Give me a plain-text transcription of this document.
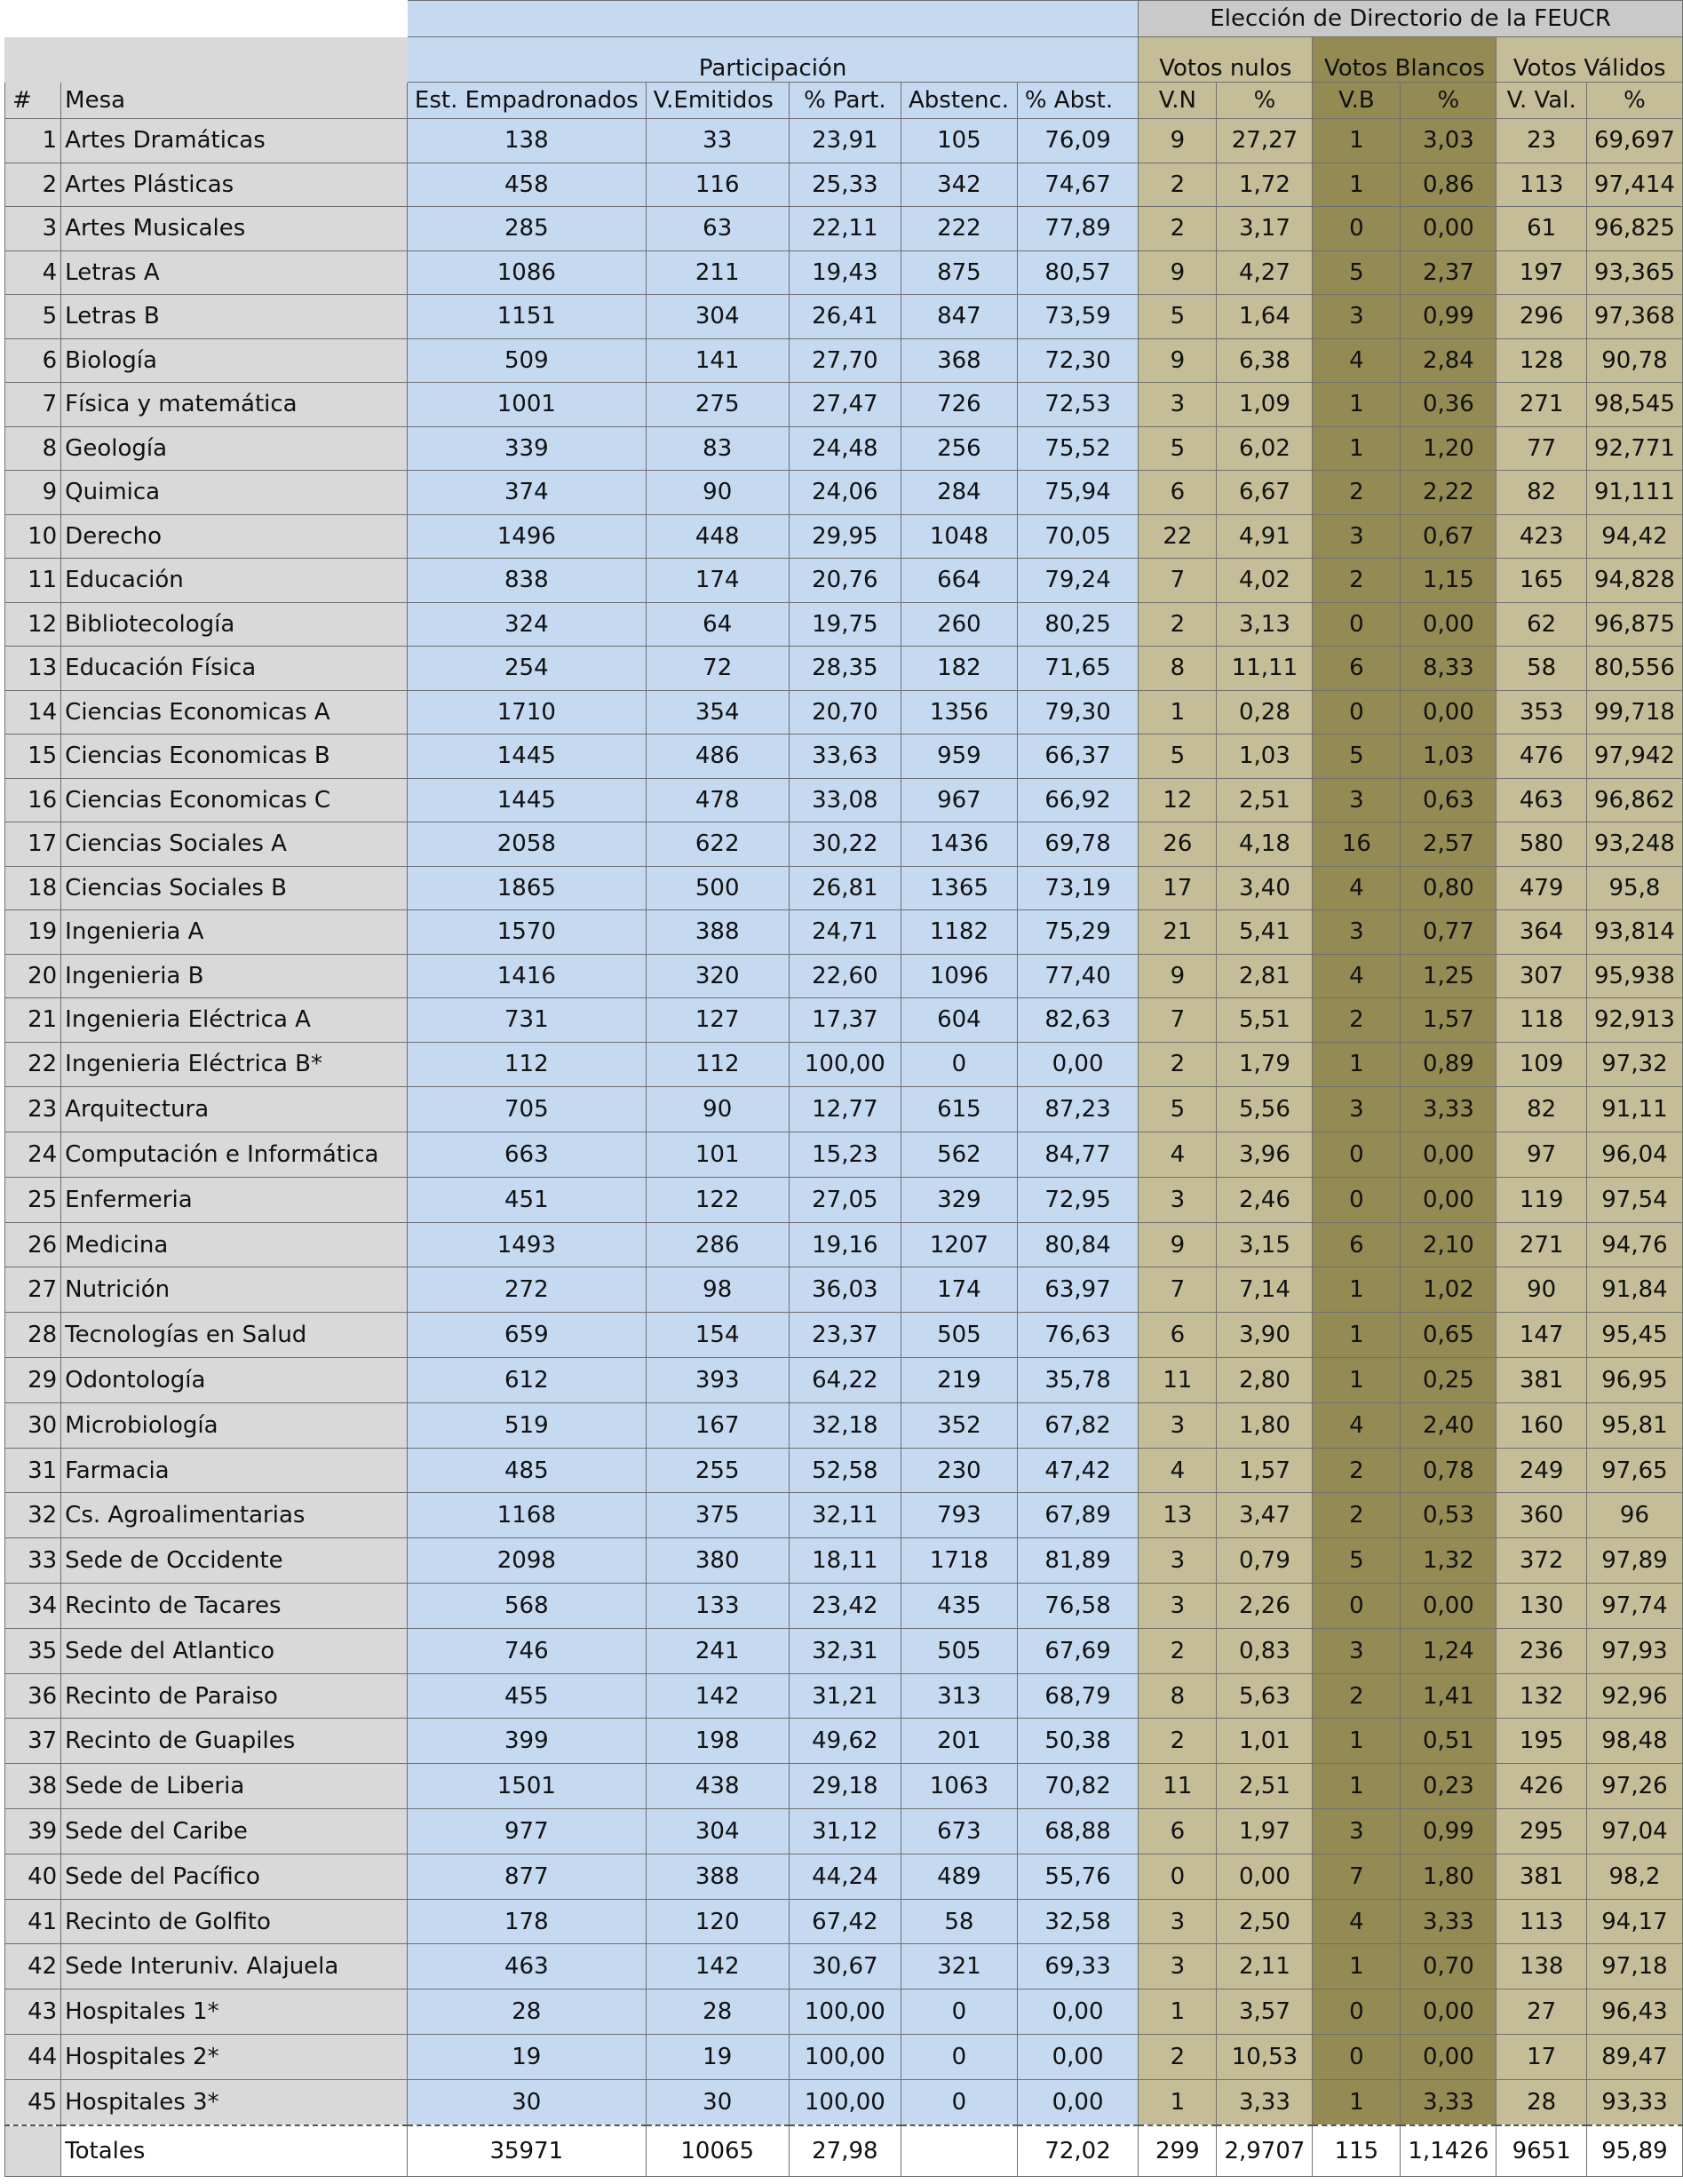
							Elección de Directorio de la FEUCR					
		Participación					Votos nulos		Votos Blancos		Votos Válidos	
#	Mesa	Est. Empadronados	V.Emitidos	% Part.	Abstenc.	% Abst.	V.N	%	V.B	%	V. Val.	%
1	Artes Dramáticas	138	33	23,91	105	76,09	9	27,27	1	3,03	23	69,697
2	Artes Plásticas	458	116	25,33	342	74,67	2	1,72	1	0,86	113	97,414
3	Artes Musicales	285	63	22,11	222	77,89	2	3,17	0	0,00	61	96,825
4	Letras A	1086	211	19,43	875	80,57	9	4,27	5	2,37	197	93,365
5	Letras B	1151	304	26,41	847	73,59	5	1,64	3	0,99	296	97,368
6	Biología	509	141	27,70	368	72,30	9	6,38	4	2,84	128	90,78
7	Física y matemática	1001	275	27,47	726	72,53	3	1,09	1	0,36	271	98,545
8	Geología	339	83	24,48	256	75,52	5	6,02	1	1,20	77	92,771
9	Quimica	374	90	24,06	284	75,94	6	6,67	2	2,22	82	91,111
10	Derecho	1496	448	29,95	1048	70,05	22	4,91	3	0,67	423	94,42
11	Educación	838	174	20,76	664	79,24	7	4,02	2	1,15	165	94,828
12	Bibliotecología	324	64	19,75	260	80,25	2	3,13	0	0,00	62	96,875
13	Educación Física	254	72	28,35	182	71,65	8	11,11	6	8,33	58	80,556
14	Ciencias Economicas A	1710	354	20,70	1356	79,30	1	0,28	0	0,00	353	99,718
15	Ciencias Economicas B	1445	486	33,63	959	66,37	5	1,03	5	1,03	476	97,942
16	Ciencias Economicas C	1445	478	33,08	967	66,92	12	2,51	3	0,63	463	96,862
17	Ciencias Sociales A	2058	622	30,22	1436	69,78	26	4,18	16	2,57	580	93,248
18	Ciencias Sociales B	1865	500	26,81	1365	73,19	17	3,40	4	0,80	479	95,8
19	Ingenieria A	1570	388	24,71	1182	75,29	21	5,41	3	0,77	364	93,814
20	Ingenieria B	1416	320	22,60	1096	77,40	9	2,81	4	1,25	307	95,938
21	Ingenieria Eléctrica A	731	127	17,37	604	82,63	7	5,51	2	1,57	118	92,913
22	Ingenieria Eléctrica B*	112	112	100,00	0	0,00	2	1,79	1	0,89	109	97,32
23	Arquitectura	705	90	12,77	615	87,23	5	5,56	3	3,33	82	91,11
24	Computación e Informática	663	101	15,23	562	84,77	4	3,96	0	0,00	97	96,04
25	Enfermeria	451	122	27,05	329	72,95	3	2,46	0	0,00	119	97,54
26	Medicina	1493	286	19,16	1207	80,84	9	3,15	6	2,10	271	94,76
27	Nutrición	272	98	36,03	174	63,97	7	7,14	1	1,02	90	91,84
28	Tecnologías en Salud	659	154	23,37	505	76,63	6	3,90	1	0,65	147	95,45
29	Odontología	612	393	64,22	219	35,78	11	2,80	1	0,25	381	96,95
30	Microbiología	519	167	32,18	352	67,82	3	1,80	4	2,40	160	95,81
31	Farmacia	485	255	52,58	230	47,42	4	1,57	2	0,78	249	97,65
32	Cs. Agroalimentarias	1168	375	32,11	793	67,89	13	3,47	2	0,53	360	96
33	Sede de Occidente	2098	380	18,11	1718	81,89	3	0,79	5	1,32	372	97,89
34	Recinto de Tacares	568	133	23,42	435	76,58	3	2,26	0	0,00	130	97,74
35	Sede del Atlantico	746	241	32,31	505	67,69	2	0,83	3	1,24	236	97,93
36	Recinto de Paraiso	455	142	31,21	313	68,79	8	5,63	2	1,41	132	92,96
37	Recinto de Guapiles	399	198	49,62	201	50,38	2	1,01	1	0,51	195	98,48
38	Sede de Liberia	1501	438	29,18	1063	70,82	11	2,51	1	0,23	426	97,26
39	Sede del Caribe	977	304	31,12	673	68,88	6	1,97	3	0,99	295	97,04
40	Sede del Pacífico	877	388	44,24	489	55,76	0	0,00	7	1,80	381	98,2
41	Recinto de Golfito	178	120	67,42	58	32,58	3	2,50	4	3,33	113	94,17
42	Sede Interuniv. Alajuela	463	142	30,67	321	69,33	3	2,11	1	0,70	138	97,18
43	Hospitales 1*	28	28	100,00	0	0,00	1	3,57	0	0,00	27	96,43
44	Hospitales 2*	19	19	100,00	0	0,00	2	10,53	0	0,00	17	89,47
45	Hospitales 3*	30	30	100,00	0	0,00	1	3,33	1	3,33	28	93,33
	Totales	35971	10065	27,98		72,02	299	2,9707	115	1,1426	9651	95,89
